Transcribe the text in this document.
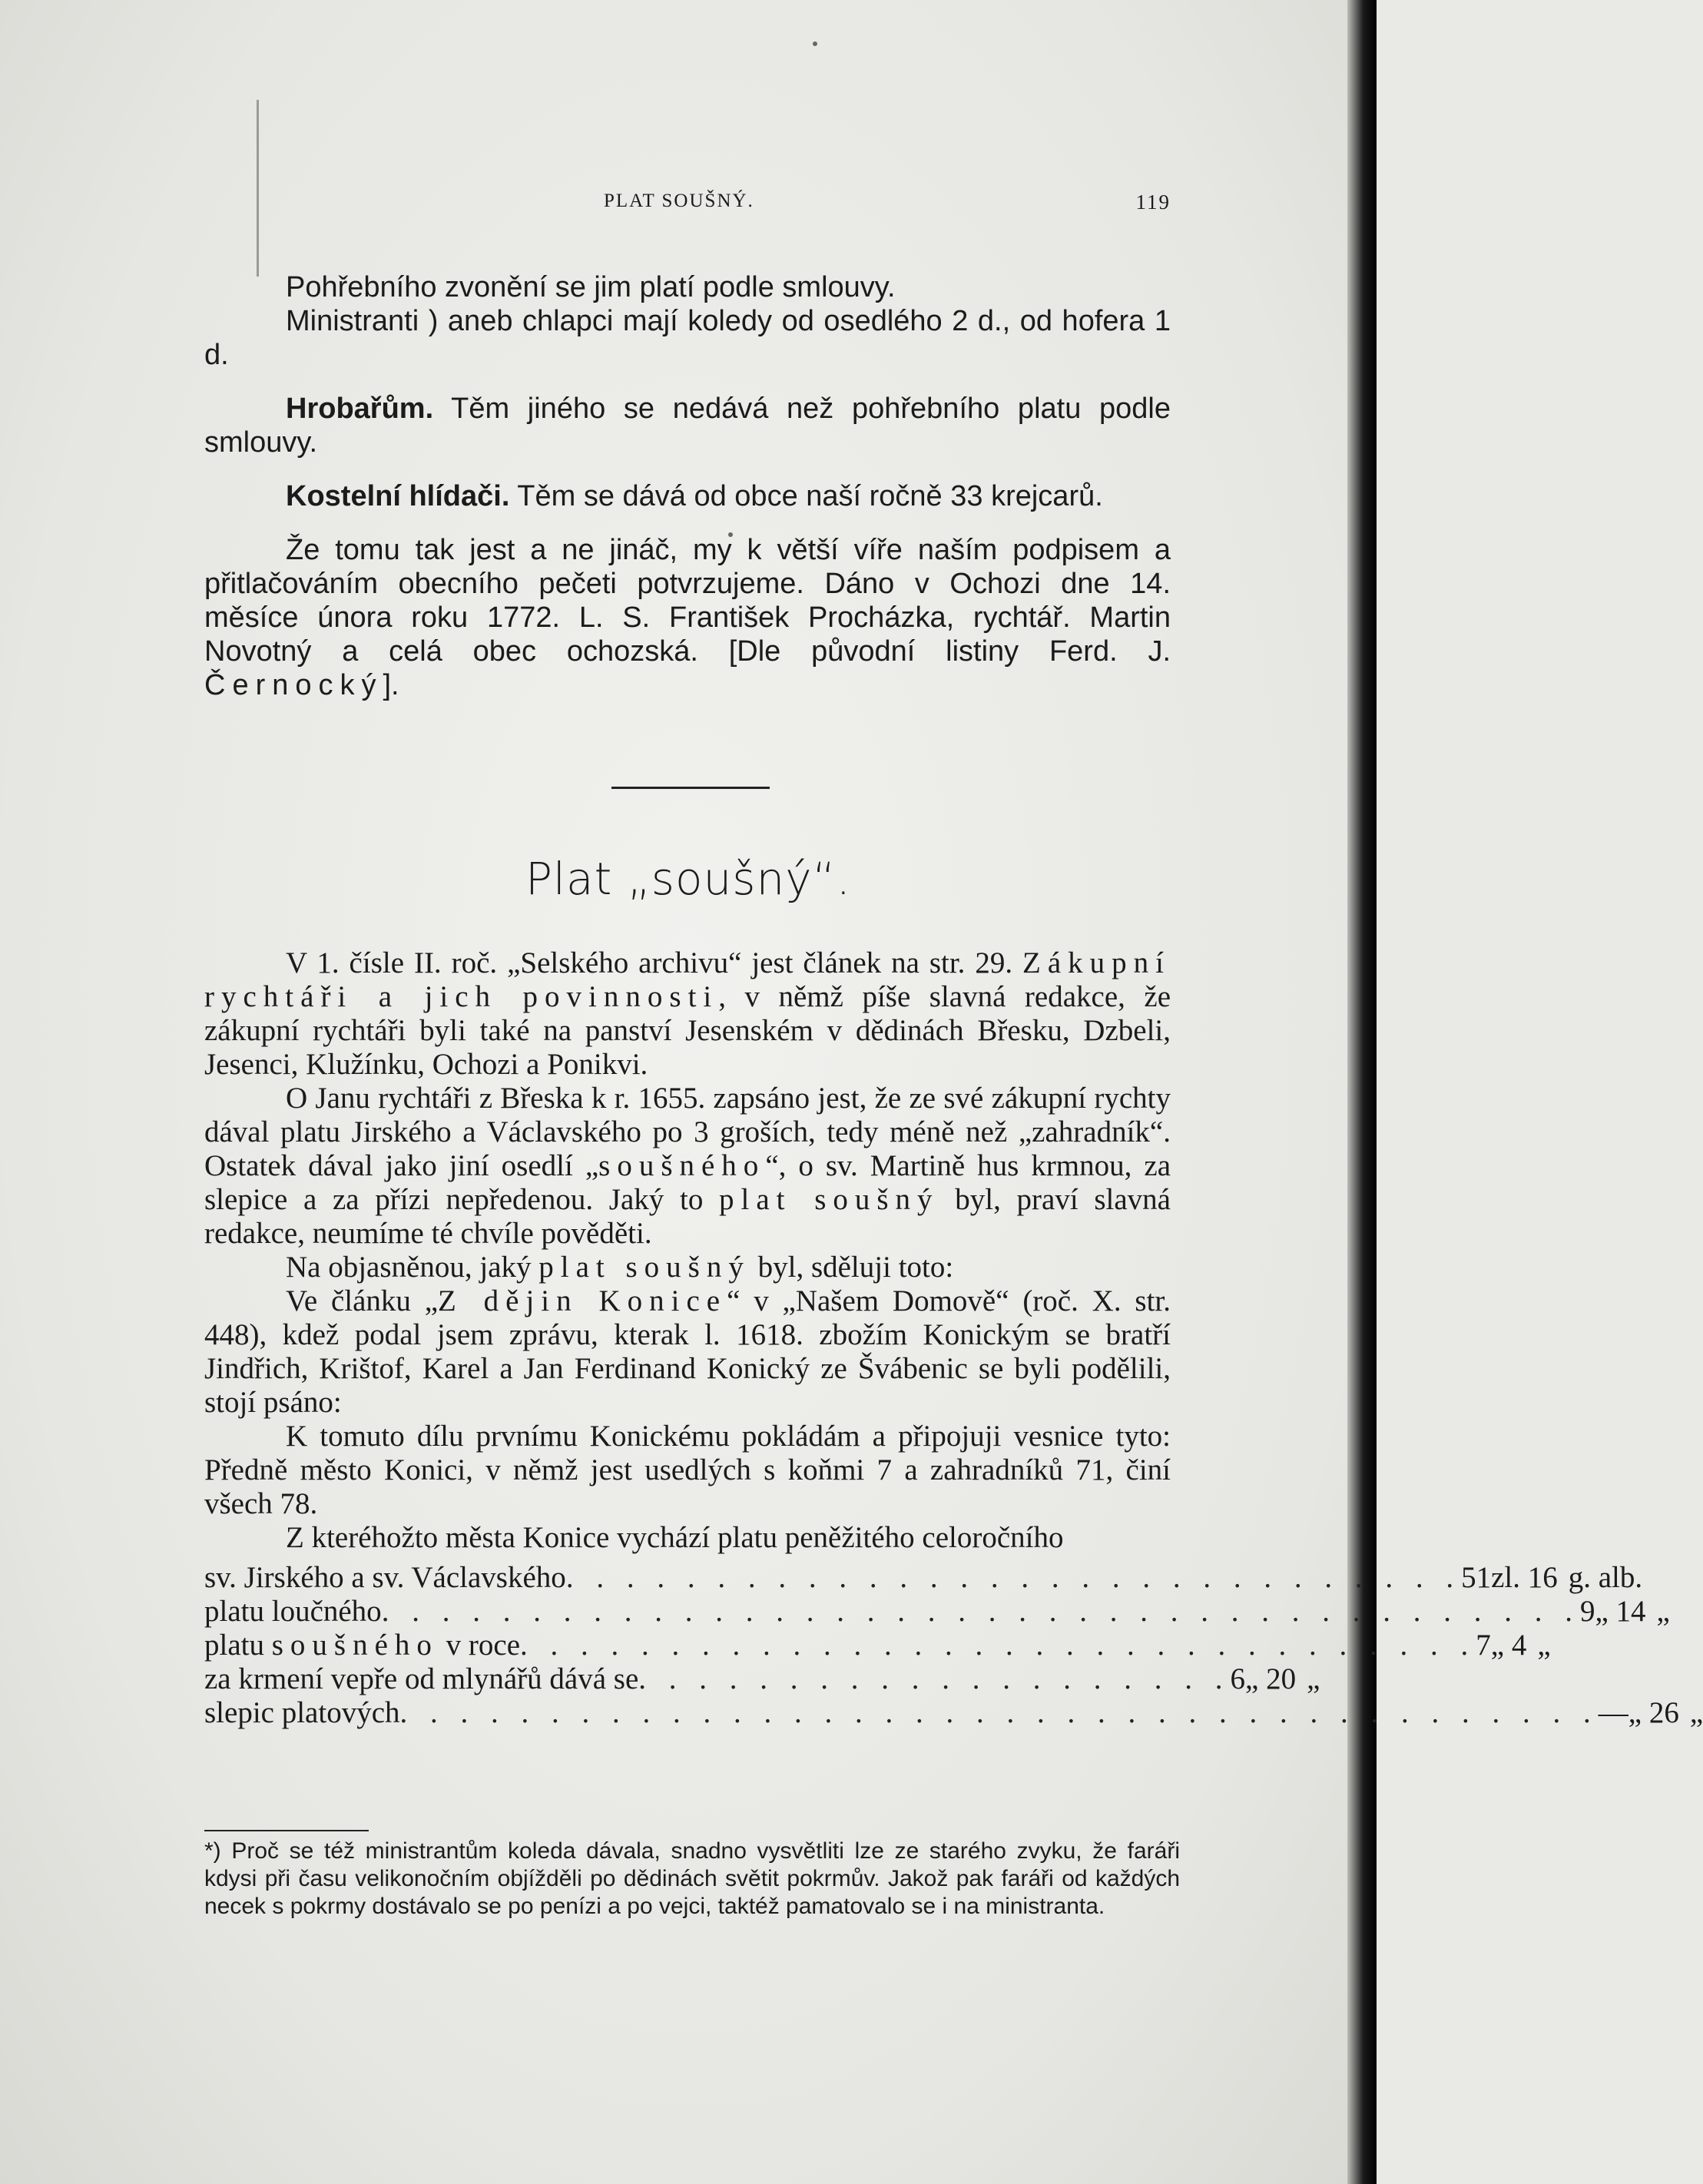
PLAT SOUŠNÝ.	119

Pohřebního zvonění se jim platí podle smlouvy.

Ministranti ) aneb chlapci mají koledy od osedlého 2 d., od hofera 1 d.

Hrobařům. Těm jiného se nedává než pohřebního platu podle smlouvy.

Kostelní hlídači. Těm se dává od obce naší ročně 33 krejcarů.

Že tomu tak jest a ne jináč, my k větší víře naším podpisem a přitlačováním obecního pečeti potvrzujeme. Dáno v Ochozi dne 14. měsíce února roku 1772. L. S. František Procházka, rychtář. Martin Novotný a celá obec ochozská. [Dle původní listiny Ferd. J. Černocký].

Plat „soušný“.

V 1. čísle II. roč. „Selského archivu“ jest článek na str. 29. Zákupní rychtáři a jich povinnosti, v němž píše slavná redakce, že zákupní rychtáři byli také na panství Jesenském v dědinách Břesku, Dzbeli, Jesenci, Klužínku, Ochozi a Ponikvi.

O Janu rychtáři z Břeska k r. 1655. zapsáno jest, že ze své zákupní rychty dával platu Jirského a Václavského po 3 groších, tedy méně než „zahradník“. Ostatek dával jako jiní osedlí „soušného“, o sv. Martině hus krmnou, za slepice a za přízi nepředenou. Jaký to plat soušný byl, praví slavná redakce, neumíme té chvíle pověděti.

Na objasněnou, jaký plat soušný byl, sděluji toto:

Ve článku „Z dějin Konice“ v „Našem Domově“ (roč. X. str. 448), kdež podal jsem zprávu, kterak l. 1618. zbožím Konickým se bratří Jindřich, Krištof, Karel a Jan Ferdinand Konický ze Švábenic se byli podělili, stojí psáno:

K tomuto dílu prvnímu Konickému pokládám a připojuji vesnice tyto: Předně město Konici, v němž jest usedlých s koňmi 7 a zahradníků 71, činí všech 78.

Z kteréhožto města Konice vychází platu peněžitého celoročního

sv. Jirského a sv. Václavského . . . . . . . . . . . . . . . . . . . . . . . . . . . . . . 51 zl. 16 g. alb.
platu loučného . . . . . . . . . . . . . . . . . . . . . . . . . . . . . . . . . . . . . . . . 9 „ 14 „
platu soušného v roce . . . . . . . . . . . . . . . . . . . . . . . . . . . . . . . . 7 „ 4 „
za krmení vepře od mlynářů dává se . . . . . . . . . . . . . . . . . . . . 6 „ 20 „
slepic platových . . . . . . . . . . . . . . . . . . . . . . . . . . . . . . . . . . . . . . . . — „ 26 „
*) Proč se též ministrantům koleda dávala, snadno vysvětliti lze ze starého zvyku, že faráři kdysi při času velikonočním objížděli po dědinách světit pokrmův. Jakož pak faráři od každých necek s pokrmy dostávalo se po penízi a po vejci, taktéž pamatovalo se i na ministranta.
